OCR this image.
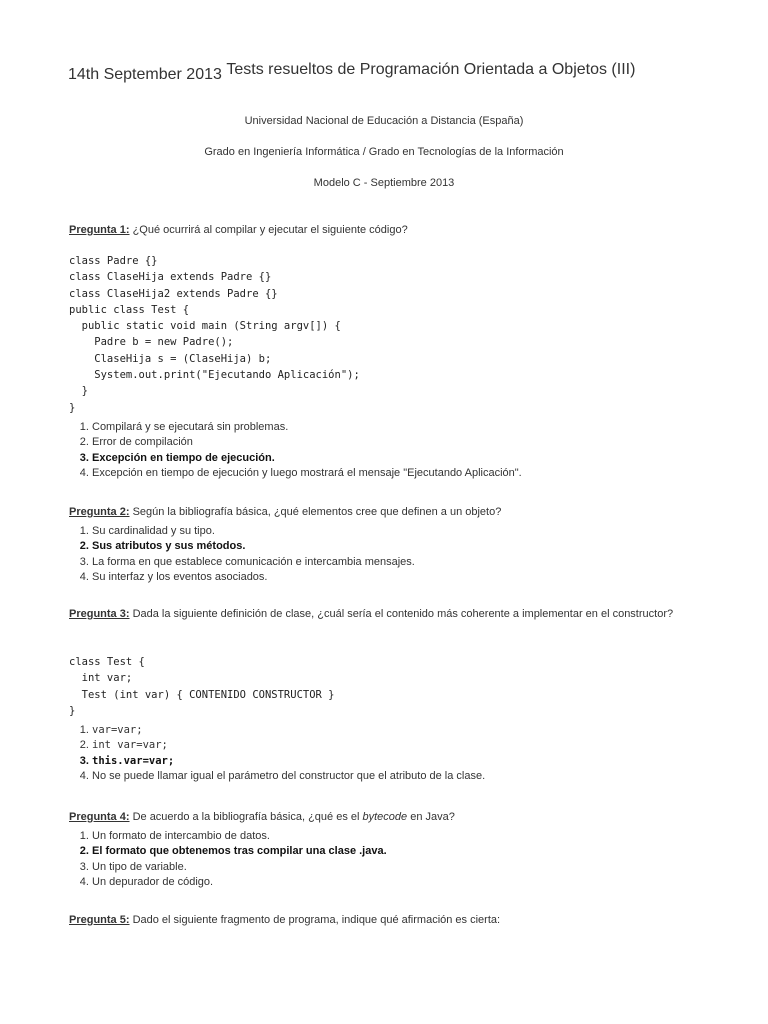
14th September 2013 Tests resueltos de Programación Orientada a Objetos (III)
Universidad Nacional de Educación a Distancia (España)
Grado en Ingeniería Informática / Grado en Tecnologías de la Información
Modelo C - Septiembre 2013
Pregunta 1: ¿Qué ocurrirá al compilar y ejecutar el siguiente código?
class Padre {}
class ClaseHija extends Padre {}
class ClaseHija2 extends Padre {}
public class Test {
public static void main (String argv[]) {
Padre b = new Padre();
ClaseHija s = (ClaseHija) b;
System.out.print("Ejecutando Aplicación");
}
}
1. Compilará y se ejecutará sin problemas.
2. Error de compilación
3. Excepción en tiempo de ejecución.
4. Excepción en tiempo de ejecución y luego mostrará el mensaje "Ejecutando Aplicación".
Pregunta 2: Según la bibliografía básica, ¿qué elementos cree que definen a un objeto?
1. Su cardinalidad y su tipo.
2. Sus atributos y sus métodos.
3. La forma en que establece comunicación e intercambia mensajes.
4. Su interfaz y los eventos asociados.
Pregunta 3: Dada la siguiente definición de clase, ¿cuál sería el contenido más coherente a implementar en el constructor?
class Test {
int var;
Test (int var) { CONTENIDO CONSTRUCTOR }
}
1. var=var;
2. int var=var;
3. this.var=var;
4. No se puede llamar igual el parámetro del constructor que el atributo de la clase.
Pregunta 4: De acuerdo a la bibliografía básica, ¿qué es el bytecode en Java?
1. Un formato de intercambio de datos.
2. El formato que obtenemos tras compilar una clase .java.
3. Un tipo de variable.
4. Un depurador de código.
Pregunta 5: Dado el siguiente fragmento de programa, indique qué afirmación es cierta:
